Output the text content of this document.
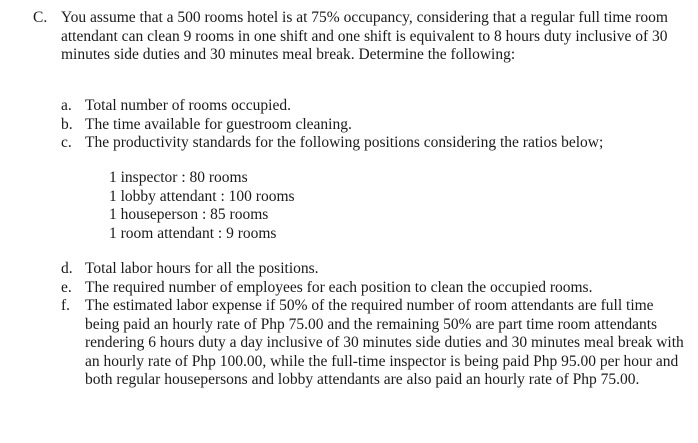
C. You assume that a 500 rooms hotel is at 75% occupancy, considering that a regular full time room attendant can clean 9 rooms in one shift and one shift is equivalent to 8 hours duty inclusive of 30 minutes side duties and 30 minutes meal break. Determine the following:
a. Total number of rooms occupied.
b. The time available for guestroom cleaning.
c. The productivity standards for the following positions considering the ratios below;
1 inspector : 80 rooms
1 lobby attendant : 100 rooms
1 houseperson : 85 rooms
1 room attendant : 9 rooms
d. Total labor hours for all the positions.
e. The required number of employees for each position to clean the occupied rooms.
f. The estimated labor expense if 50% of the required number of room attendants are full time being paid an hourly rate of Php 75.00 and the remaining 50% are part time room attendants rendering 6 hours duty a day inclusive of 30 minutes side duties and 30 minutes meal break with an hourly rate of Php 100.00, while the full-time inspector is being paid Php 95.00 per hour and both regular housepersons and lobby attendants are also paid an hourly rate of Php 75.00.
